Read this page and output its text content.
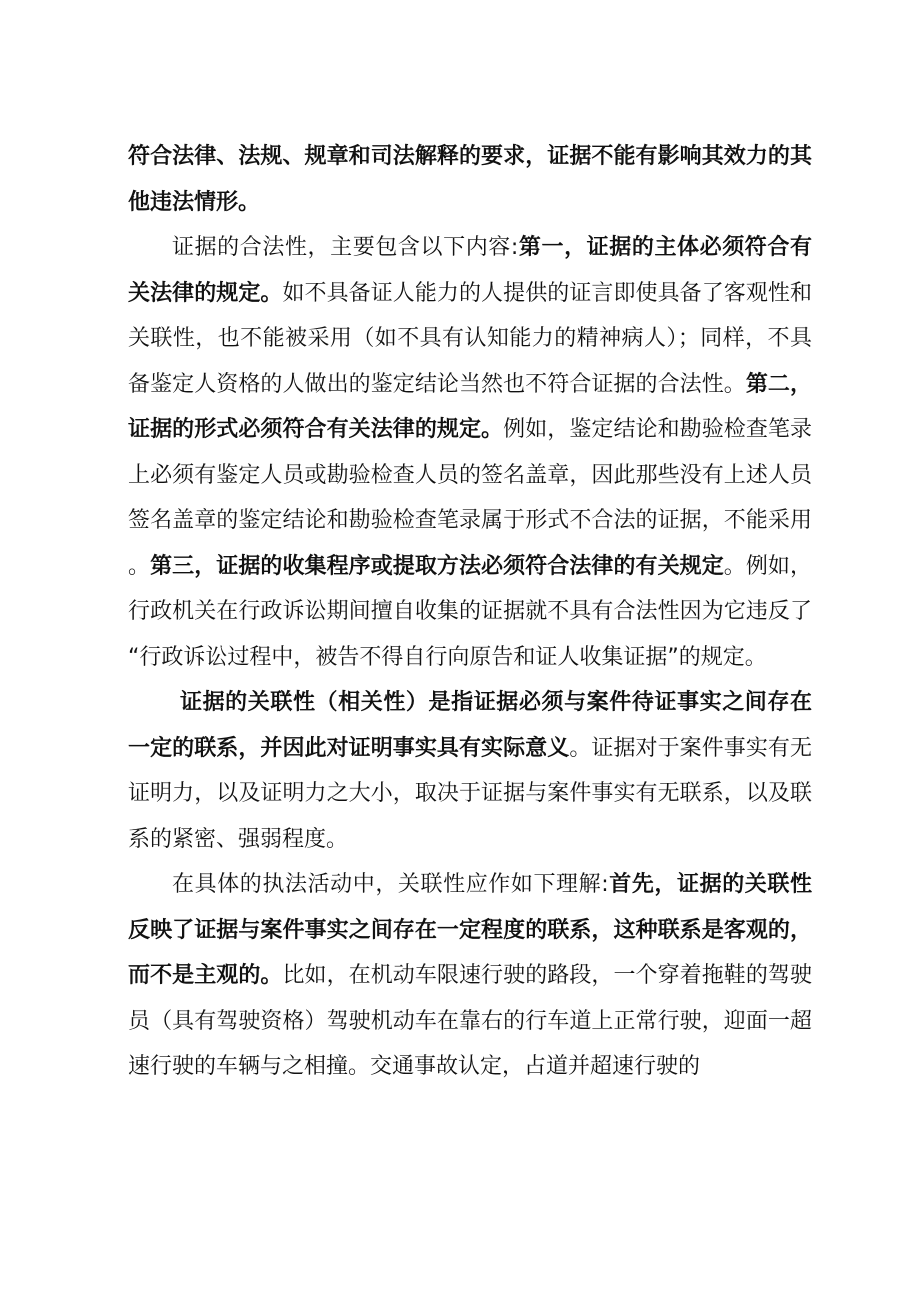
符合法律、法规、规章和司法解释的要求，证据不能有影响其效力的其他违法情形。

证据的合法性，主要包含以下内容:第一，证据的主体必须符合有关法律的规定。如不具备证人能力的人提供的证言即使具备了客观性和关联性，也不能被采用（如不具有认知能力的精神病人）；同样，不具备鉴定人资格的人做出的鉴定结论当然也不符合证据的合法性。第二，证据的形式必须符合有关法律的规定。例如，鉴定结论和勘验检查笔录上必须有鉴定人员或勘验检查人员的签名盖章，因此那些没有上述人员签名盖章的鉴定结论和勘验检查笔录属于形式不合法的证据，不能采用。第三，证据的收集程序或提取方法必须符合法律的有关规定。例如，行政机关在行政诉讼期间擅自收集的证据就不具有合法性因为它违反了“行政诉讼过程中，被告不得自行向原告和证人收集证据”的规定。

证据的关联性（相关性）是指证据必须与案件待证事实之间存在一定的联系，并因此对证明事实具有实际意义。证据对于案件事实有无证明力，以及证明力之大小，取决于证据与案件事实有无联系，以及联系的紧密、强弱程度。

在具体的执法活动中，关联性应作如下理解:首先，证据的关联性反映了证据与案件事实之间存在一定程度的联系，这种联系是客观的，而不是主观的。比如，在机动车限速行驶的路段，一个穿着拖鞋的驾驶员（具有驾驶资格）驾驶机动车在靠右的行车道上正常行驶，迎面一超速行驶的车辆与之相撞。交通事故认定，占道并超速行驶的
